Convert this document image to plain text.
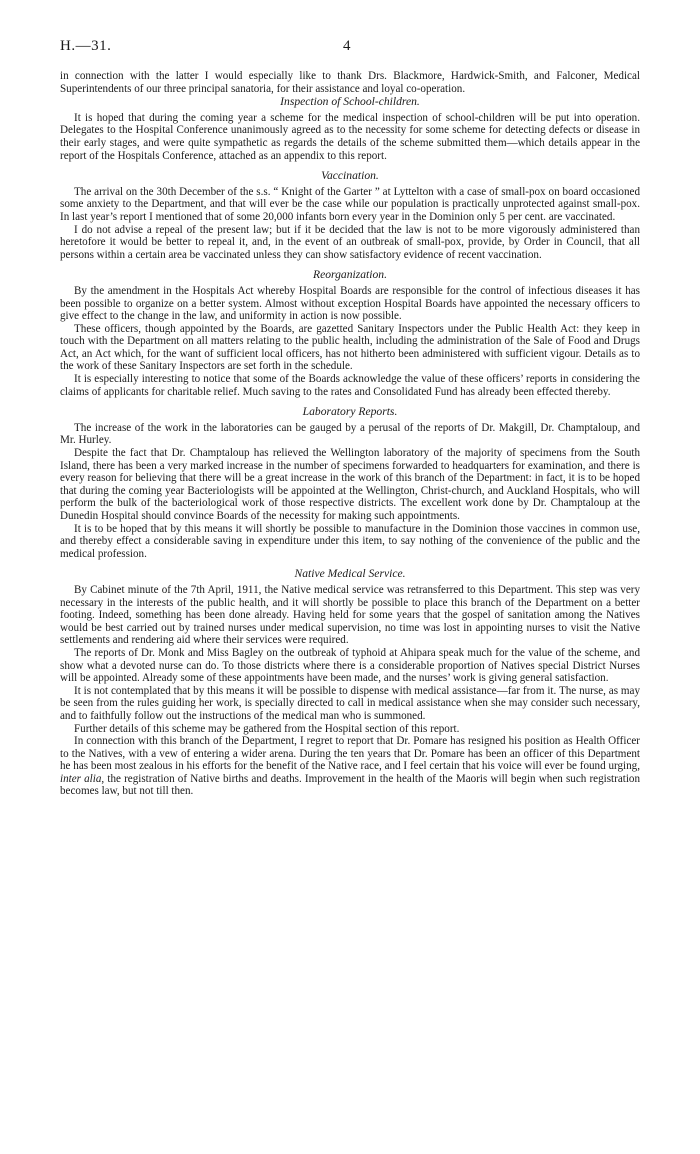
H.—31.	4

in connection with the latter I would especially like to thank Drs. Blackmore, Hardwick-Smith, and Falconer, Medical Superintendents of our three principal sanatoria, for their assistance and loyal co-operation.

Inspection of School-children.

It is hoped that during the coming year a scheme for the medical inspection of school-children will be put into operation. Delegates to the Hospital Conference unanimously agreed as to the necessity for some scheme for detecting defects or disease in their early stages, and were quite sympathetic as regards the details of the scheme submitted them—which details appear in the report of the Hospitals Conference, attached as an appendix to this report.

Vaccination.

The arrival on the 30th December of the s.s. “ Knight of the Garter ” at Lyttelton with a case of small-pox on board occasioned some anxiety to the Department, and that will ever be the case while our population is practically unprotected against small-pox. In last year’s report I mentioned that of some 20,000 infants born every year in the Dominion only 5 per cent. are vaccinated.

I do not advise a repeal of the present law; but if it be decided that the law is not to be more vigorously administered than heretofore it would be better to repeal it, and, in the event of an outbreak of small-pox, provide, by Order in Council, that all persons within a certain area be vaccinated unless they can show satisfactory evidence of recent vaccination.

Reorganization.

By the amendment in the Hospitals Act whereby Hospital Boards are responsible for the control of infectious diseases it has been possible to organize on a better system. Almost without exception Hospital Boards have appointed the necessary officers to give effect to the change in the law, and uniformity in action is now possible.

These officers, though appointed by the Boards, are gazetted Sanitary Inspectors under the Public Health Act: they keep in touch with the Department on all matters relating to the public health, including the administration of the Sale of Food and Drugs Act, an Act which, for the want of sufficient local officers, has not hitherto been administered with sufficient vigour. Details as to the work of these Sanitary Inspectors are set forth in the schedule.

It is especially interesting to notice that some of the Boards acknowledge the value of these officers’ reports in considering the claims of applicants for charitable relief. Much saving to the rates and Consolidated Fund has already been effected thereby.

Laboratory Reports.

The increase of the work in the laboratories can be gauged by a perusal of the reports of Dr. Makgill, Dr. Champtaloup, and Mr. Hurley.

Despite the fact that Dr. Champtaloup has relieved the Wellington laboratory of the majority of specimens from the South Island, there has been a very marked increase in the number of specimens forwarded to headquarters for examination, and there is every reason for believing that there will be a great increase in the work of this branch of the Department: in fact, it is to be hoped that during the coming year Bacteriologists will be appointed at the Wellington, Christ-church, and Auckland Hospitals, who will perform the bulk of the bacteriological work of those respective districts. The excellent work done by Dr. Champtaloup at the Dunedin Hospital should convince Boards of the necessity for making such appointments.

It is to be hoped that by this means it will shortly be possible to manufacture in the Dominion those vaccines in common use, and thereby effect a considerable saving in expenditure under this item, to say nothing of the convenience of the public and the medical profession.

Native Medical Service.

By Cabinet minute of the 7th April, 1911, the Native medical service was retransferred to this Department. This step was very necessary in the interests of the public health, and it will shortly be possible to place this branch of the Department on a better footing. Indeed, something has been done already. Having held for some years that the gospel of sanitation among the Natives would be best carried out by trained nurses under medical supervision, no time was lost in appointing nurses to visit the Native settlements and rendering aid where their services were required.

The reports of Dr. Monk and Miss Bagley on the outbreak of typhoid at Ahipara speak much for the value of the scheme, and show what a devoted nurse can do. To those districts where there is a considerable proportion of Natives special District Nurses will be appointed. Already some of these appointments have been made, and the nurses’ work is giving general satisfaction.

It is not contemplated that by this means it will be possible to dispense with medical assistance—far from it. The nurse, as may be seen from the rules guiding her work, is specially directed to call in medical assistance when she may consider such necessary, and to faithfully follow out the instructions of the medical man who is summoned.

Further details of this scheme may be gathered from the Hospital section of this report.

In connection with this branch of the Department, I regret to report that Dr. Pomare has resigned his position as Health Officer to the Natives, with a vew of entering a wider arena. During the ten years that Dr. Pomare has been an officer of this Department he has been most zealous in his efforts for the benefit of the Native race, and I feel certain that his voice will ever be found urging, inter alia, the registration of Native births and deaths. Improvement in the health of the Maoris will begin when such registration becomes law, but not till then.
